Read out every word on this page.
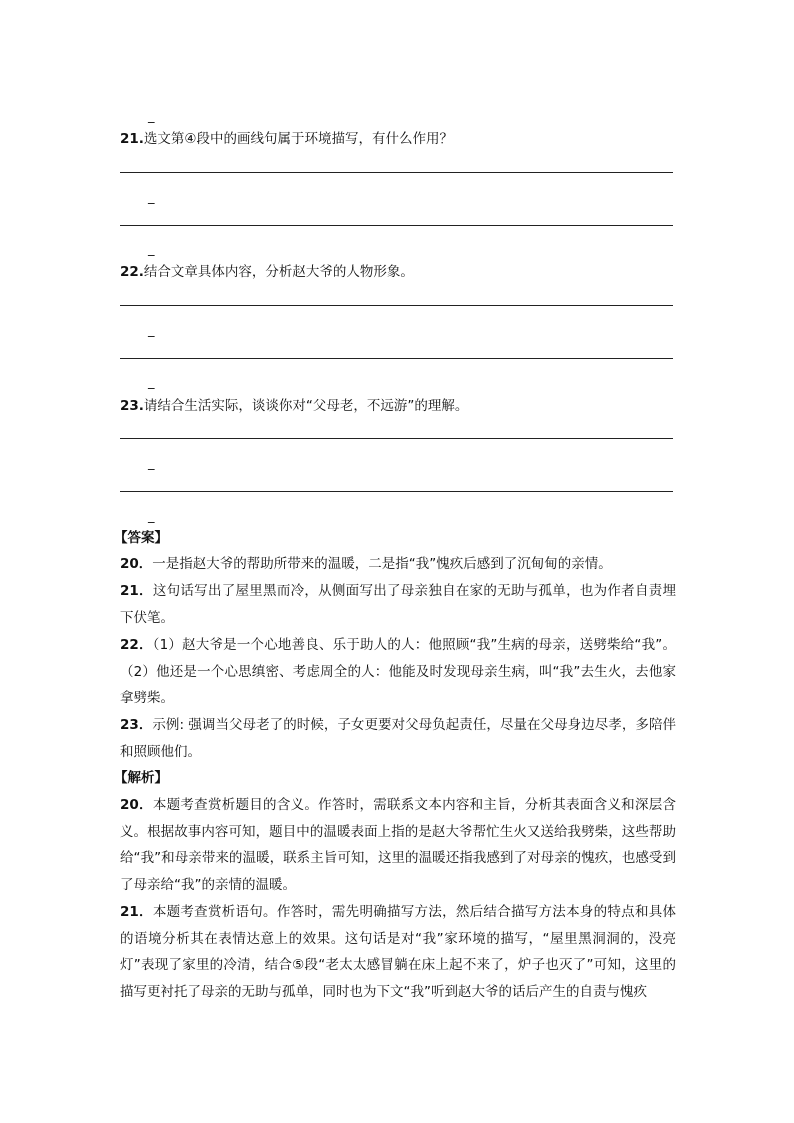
_
21.选文第④段中的画线句属于环境描写，有什么作用？
_
_
22.结合文章具体内容，分析赵大爷的人物形象。
_
_
23.请结合生活实际，谈谈你对“父母老，不远游”的理解。
_
_
【答案】
20．一是指赵大爷的帮助所带来的温暖，二是指“我”愧疚后感到了沉甸甸的亲情。
21．这句话写出了屋里黑而冷，从侧面写出了母亲独自在家的无助与孤单，也为作者自责埋下伏笔。
22．（1）赵大爷是一个心地善良、乐于助人的人：他照顾“我”生病的母亲，送劈柴给“我”。（2）他还是一个心思缜密、考虑周全的人：他能及时发现母亲生病，叫“我”去生火，去他家拿劈柴。
23．示例: 强调当父母老了的时候，子女更要对父母负起责任，尽量在父母身边尽孝，多陪伴和照顾他们。
【解析】
20．本题考查赏析题目的含义。作答时，需联系文本内容和主旨，分析其表面含义和深层含义。根据故事内容可知，题目中的温暖表面上指的是赵大爷帮忙生火又送给我劈柴，这些帮助给“我”和母亲带来的温暖，联系主旨可知，这里的温暖还指我感到了对母亲的愧疚，也感受到了母亲给“我”的亲情的温暖。
21．本题考查赏析语句。作答时，需先明确描写方法，然后结合描写方法本身的特点和具体的语境分析其在表情达意上的效果。这句话是对“我”家环境的描写，“屋里黑洞洞的，没亮灯”表现了家里的冷清，结合⑤段“老太太感冒躺在床上起不来了，炉子也灭了”可知，这里的描写更衬托了母亲的无助与孤单，同时也为下文“我”听到赵大爷的话后产生的自责与愧疚
